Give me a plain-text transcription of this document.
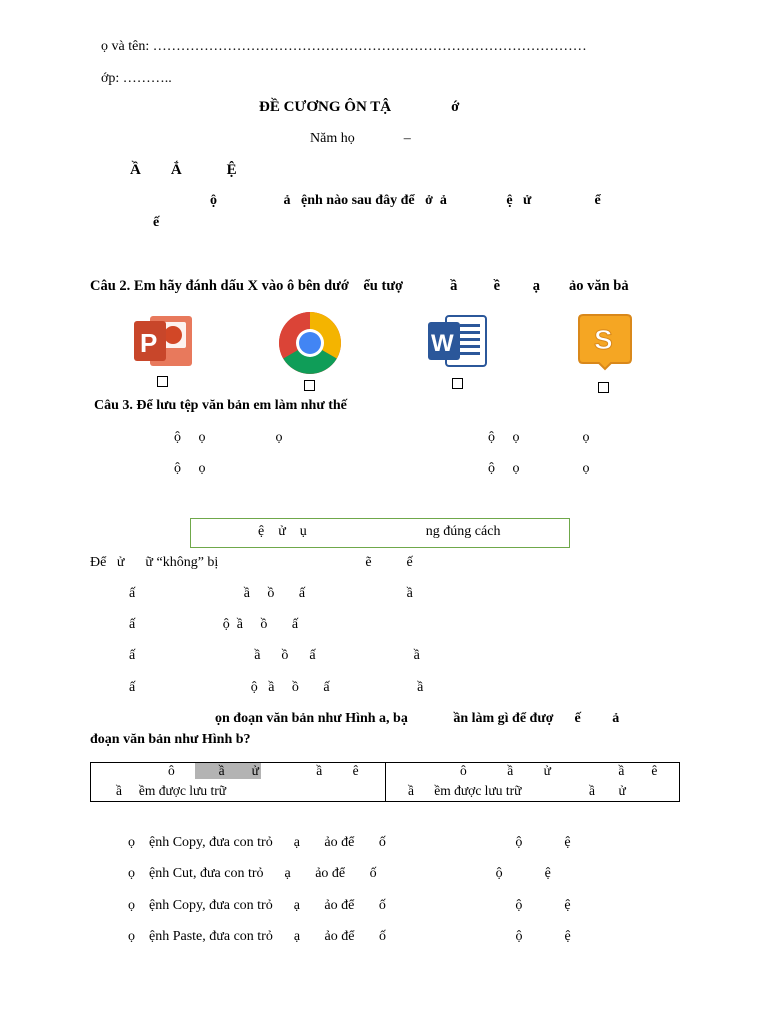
ọ và tên: …………………………………………………………………………………
ớp: ………..
ĐỀ CƯƠNG ÔN TẬ                ớ
Năm họ              –
Ầ        Ắ            Ệ
ộ                   ả   ệnh nào sau đây để   ở  ả                 ệ   ử                  ể
ế
Câu 2. Em hãy đánh dấu X vào ô bên dướ    ểu tượ             ầ          ề         ạ        ảo văn bả
P	W	S
Câu 3. Để lưu tệp văn bản em làm như thế
ộ     ọ                    ọ
ộ     ọ
ộ     ọ                  ọ
ộ     ọ                  ọ
ệ    ử    ụ                                  ng đúng cách
Để   ử      ữ “không” bị                                          ẽ          ế
ấ                               ầ     ồ       ấ                             ầ
ấ                         ộ  ầ     ồ       ấ
ấ                                  ầ      ồ      ấ                            ầ
ấ                                 ộ   ầ     ồ       ấ                         ầ
ọn đoạn văn bản như Hình a, bạ             ần làm gì để đượ      ế         ả
đoạn văn bản như Hình b?
ô             ầ        ử                 ầ         ê
ầ     ềm được lưu trữ
ô            ầ         ử                    ầ        ê
ầ      ềm được lưu trữ                    ầ       ử
ọ    ệnh Copy, đưa con trỏ      ạ       ảo để       ố                                     ộ            ệ
ọ    ệnh Cut, đưa con trỏ      ạ       ảo để       ố                                  ộ            ệ
ọ    ệnh Copy, đưa con trỏ      ạ       ảo để       ố                                     ộ            ệ
ọ    ệnh Paste, đưa con trỏ      ạ       ảo để       ố                                     ộ            ệ
